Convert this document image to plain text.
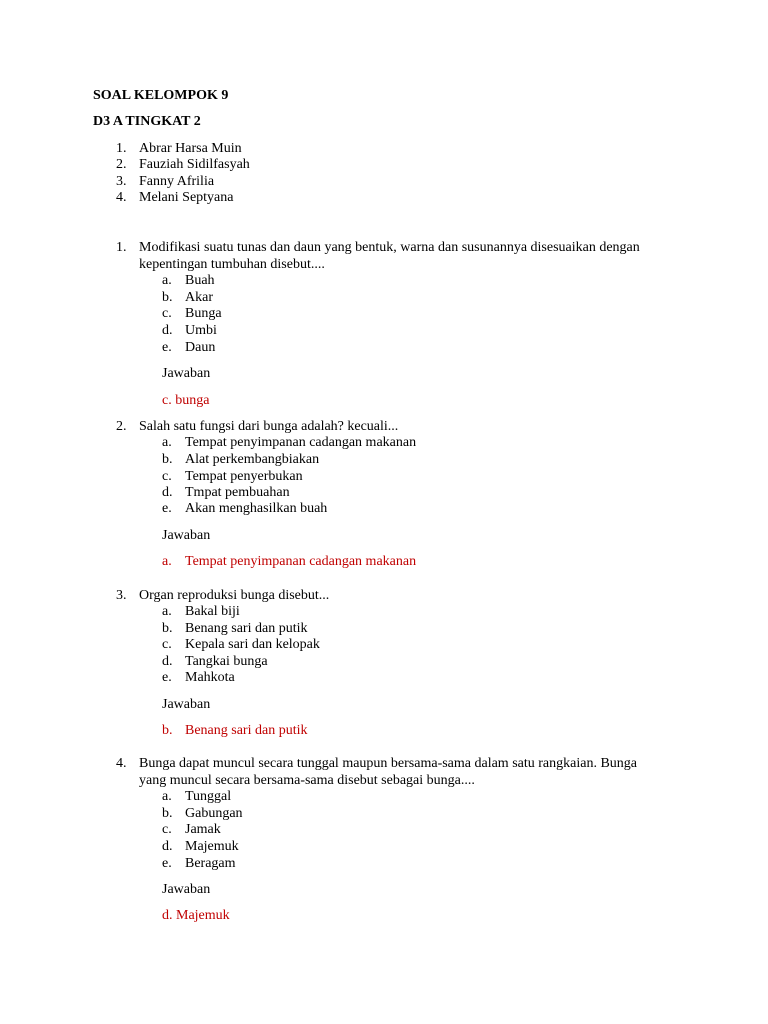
SOAL KELOMPOK 9
D3 A TINGKAT 2
1. Abrar Harsa Muin
2. Fauziah Sidilfasyah
3. Fanny Afrilia
4. Melani Septyana
1. Modifikasi suatu tunas dan daun yang bentuk, warna dan susunannya disesuaikan dengan
kepentingan tumbuhan disebut....
a. Buah
b. Akar
c. Bunga
d. Umbi
e. Daun
Jawaban
c. bunga
2. Salah satu fungsi dari bunga adalah? kecuali...
a. Tempat penyimpanan cadangan makanan
b. Alat perkembangbiakan
c. Tempat penyerbukan
d. Tmpat pembuahan
e. Akan menghasilkan buah
Jawaban
a. Tempat penyimpanan cadangan makanan
3. Organ reproduksi bunga disebut...
a. Bakal biji
b. Benang sari dan putik
c. Kepala sari dan kelopak
d. Tangkai bunga
e. Mahkota
Jawaban
b. Benang sari dan putik
4. Bunga dapat muncul secara tunggal maupun bersama-sama dalam satu rangkaian. Bunga
yang muncul secara bersama-sama disebut sebagai bunga....
a. Tunggal
b. Gabungan
c. Jamak
d. Majemuk
e. Beragam
Jawaban
d. Majemuk
